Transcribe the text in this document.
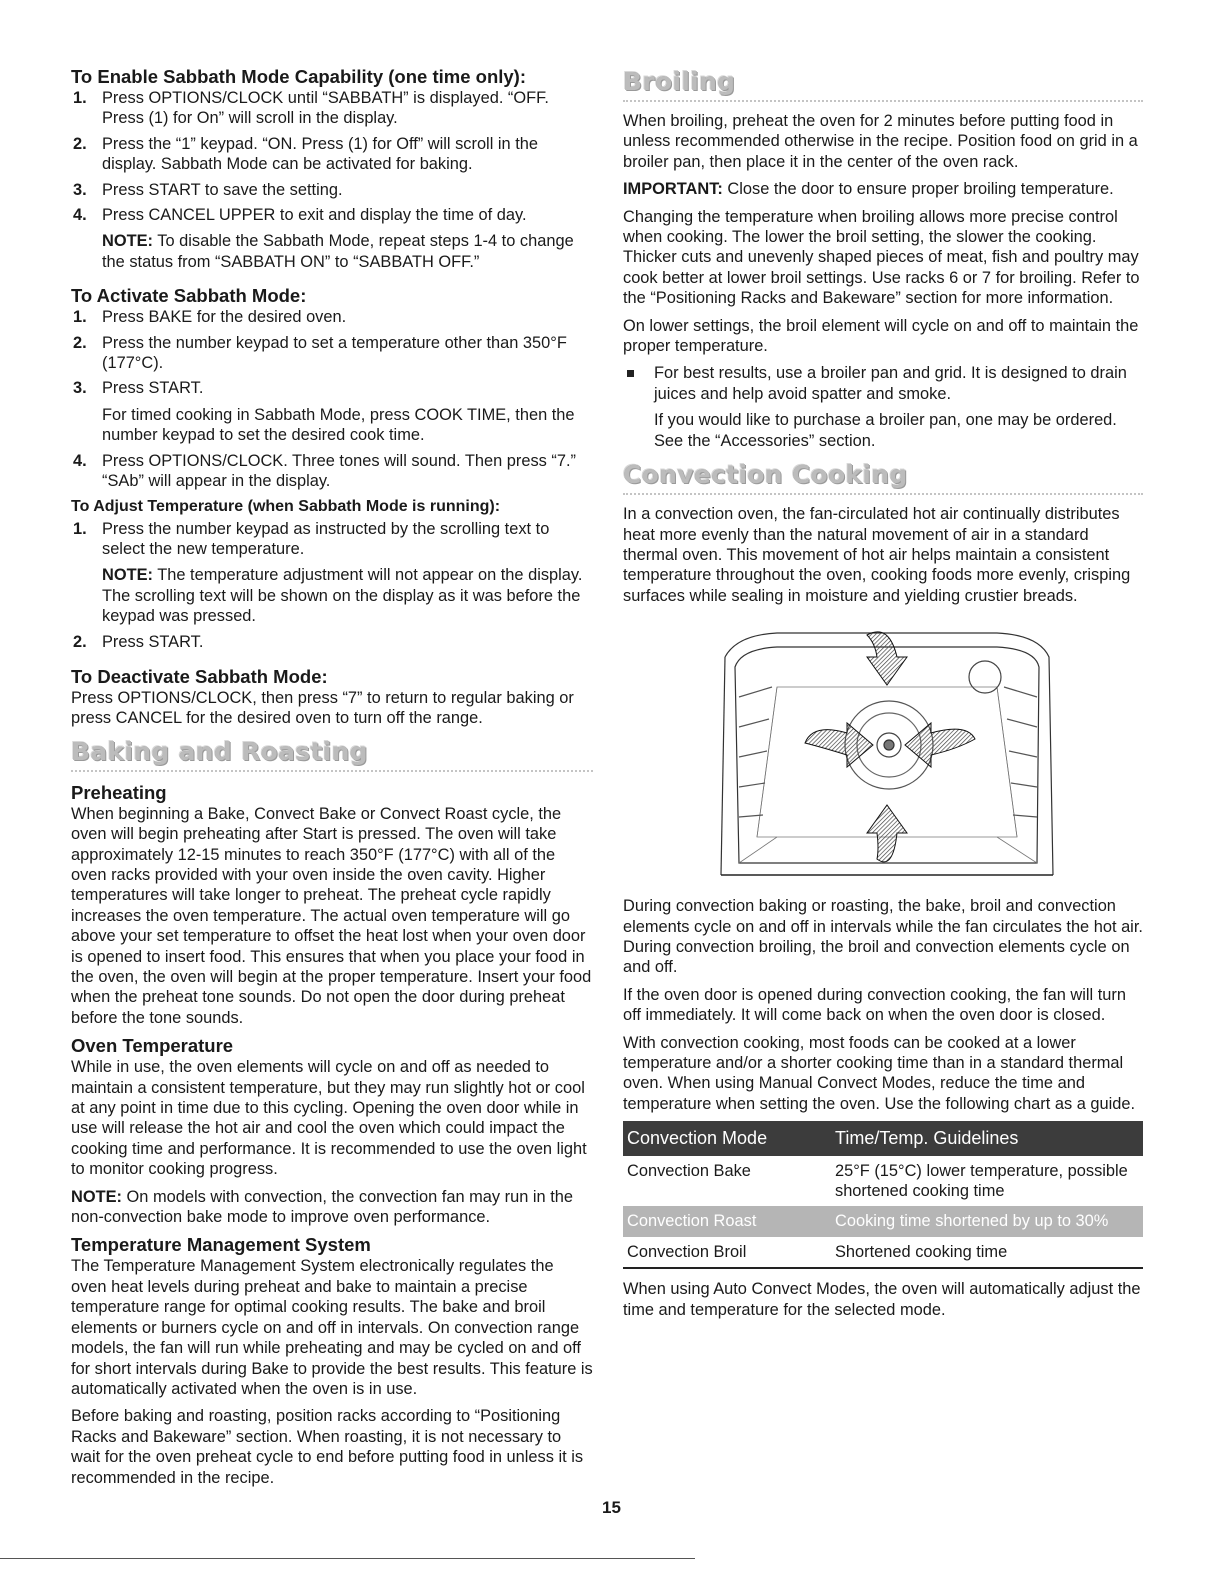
To Enable Sabbath Mode Capability (one time only):
1. Press OPTIONS/CLOCK until “SABBATH” is displayed. “OFF. Press (1) for On” will scroll in the display.
2. Press the “1” keypad. “ON. Press (1) for Off” will scroll in the display. Sabbath Mode can be activated for baking.
3. Press START to save the setting.
4. Press CANCEL UPPER to exit and display the time of day.
NOTE: To disable the Sabbath Mode, repeat steps 1-4 to change the status from “SABBATH ON” to “SABBATH OFF.”
To Activate Sabbath Mode:
1. Press BAKE for the desired oven.
2. Press the number keypad to set a temperature other than 350°F (177°C).
3. Press START.
For timed cooking in Sabbath Mode, press COOK TIME, then the number keypad to set the desired cook time.
4. Press OPTIONS/CLOCK. Three tones will sound. Then press “7.” “SAb” will appear in the display.
To Adjust Temperature (when Sabbath Mode is running):
1. Press the number keypad as instructed by the scrolling text to select the new temperature.
NOTE: The temperature adjustment will not appear on the display. The scrolling text will be shown on the display as it was before the keypad was pressed.
2. Press START.
To Deactivate Sabbath Mode:

Press OPTIONS/CLOCK, then press “7” to return to regular baking or press CANCEL for the desired oven to turn off the range.

Baking and Roasting
Preheating

When beginning a Bake, Convect Bake or Convect Roast cycle, the oven will begin preheating after Start is pressed. The oven will take approximately 12-15 minutes to reach 350°F (177°C) with all of the oven racks provided with your oven inside the oven cavity. Higher temperatures will take longer to preheat. The preheat cycle rapidly increases the oven temperature. The actual oven temperature will go above your set temperature to offset the heat lost when your oven door is opened to insert food. This ensures that when you place your food in the oven, the oven will begin at the proper temperature. Insert your food when the preheat tone sounds. Do not open the door during preheat before the tone sounds.

Oven Temperature

While in use, the oven elements will cycle on and off as needed to maintain a consistent temperature, but they may run slightly hot or cool at any point in time due to this cycling. Opening the oven door while in use will release the hot air and cool the oven which could impact the cooking time and performance. It is recommended to use the oven light to monitor cooking progress.

NOTE: On models with convection, the convection fan may run in the non-convection bake mode to improve oven performance.

Temperature Management System

The Temperature Management System electronically regulates the oven heat levels during preheat and bake to maintain a precise temperature range for optimal cooking results. The bake and broil elements or burners cycle on and off in intervals. On convection range models, the fan will run while preheating and may be cycled on and off for short intervals during Bake to provide the best results. This feature is automatically activated when the oven is in use.

Before baking and roasting, position racks according to “Positioning Racks and Bakeware” section. When roasting, it is not necessary to wait for the oven preheat cycle to end before putting food in unless it is recommended in the recipe.

Broiling

When broiling, preheat the oven for 2 minutes before putting food in unless recommended otherwise in the recipe. Position food on grid in a broiler pan, then place it in the center of the oven rack.

IMPORTANT: Close the door to ensure proper broiling temperature.

Changing the temperature when broiling allows more precise control when cooking. The lower the broil setting, the slower the cooking. Thicker cuts and unevenly shaped pieces of meat, fish and poultry may cook better at lower broil settings. Use racks 6 or 7 for broiling. Refer to the “Positioning Racks and Bakeware” section for more information.

On lower settings, the broil element will cycle on and off to maintain the proper temperature.

For best results, use a broiler pan and grid. It is designed to drain juices and help avoid spatter and smoke.
If you would like to purchase a broiler pan, one may be ordered. See the “Accessories” section.
Convection Cooking

In a convection oven, the fan-circulated hot air continually distributes heat more evenly than the natural movement of air in a standard thermal oven. This movement of hot air helps maintain a consistent temperature throughout the oven, cooking foods more evenly, crisping surfaces while sealing in moisture and yielding crustier breads.

During convection baking or roasting, the bake, broil and convection elements cycle on and off in intervals while the fan circulates the hot air. During convection broiling, the broil and convection elements cycle on and off.

If the oven door is opened during convection cooking, the fan will turn off immediately. It will come back on when the oven door is closed.

With convection cooking, most foods can be cooked at a lower temperature and/or a shorter cooking time than in a standard thermal oven. When using Manual Convect Modes, reduce the time and temperature when setting the oven. Use the following chart as a guide.

Convection Mode	Time/Temp. Guidelines
Convection Bake	25°F (15°C) lower temperature, possible shortened cooking time
Convection Roast	Cooking time shortened by up to 30%
Convection Broil	Shortened cooking time

When using Auto Convect Modes, the oven will automatically adjust the time and temperature for the selected mode.

15
